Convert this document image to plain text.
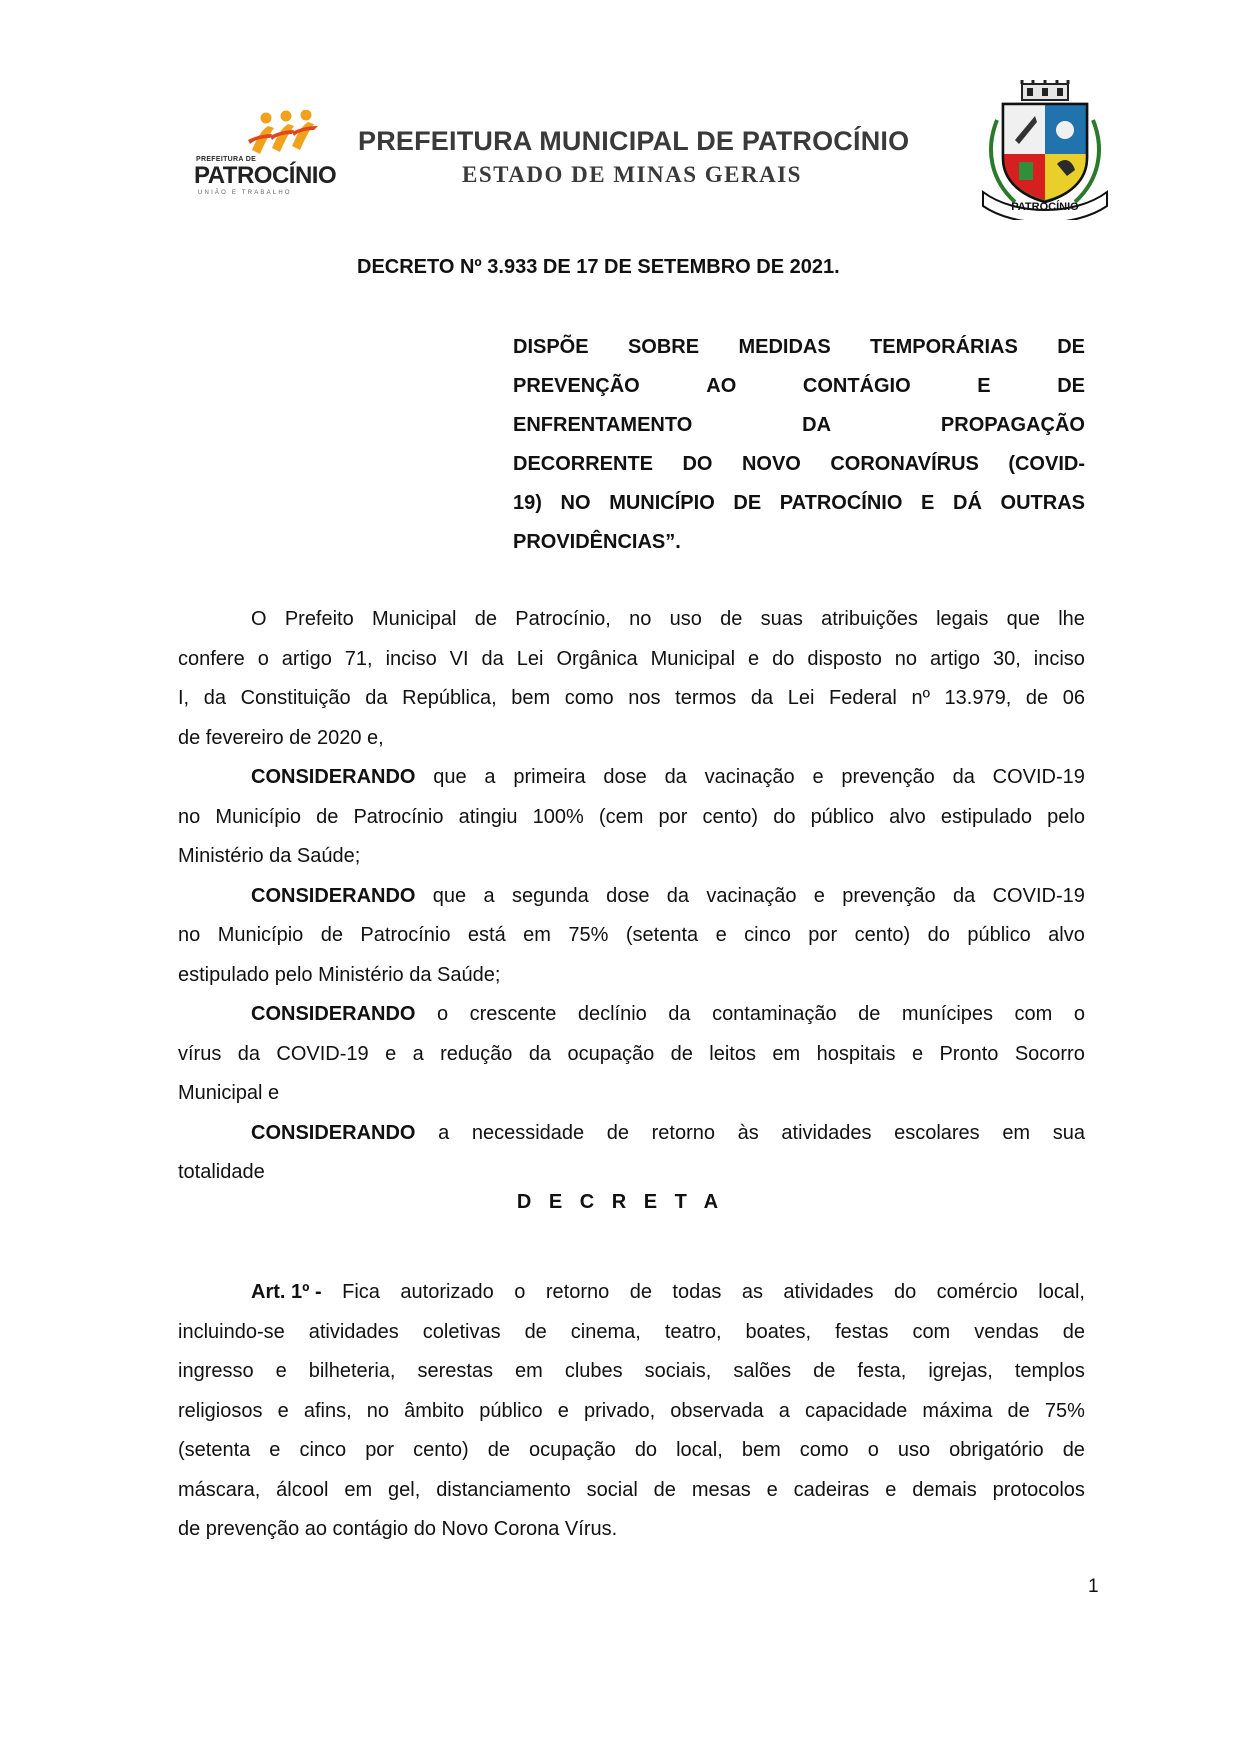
PREFEITURA DE
PATROCÍNIO
UNIÃO E TRABALHO
PREFEITURA MUNICIPAL DE PATROCÍNIO
ESTADO DE MINAS GERAIS
PATROCÍNIO
DECRETO Nº 3.933 DE 17 DE SETEMBRO DE 2021.
DISPÕE SOBRE MEDIDAS TEMPORÁRIAS DE
PREVENÇÃO	AO	CONTÁGIO	E	DE
ENFRENTAMENTO	DA	PROPAGAÇÃO
DECORRENTE DO NOVO CORONAVÍRUS (COVID-
19) NO MUNICÍPIO DE PATROCÍNIO E DÁ OUTRAS
PROVIDÊNCIAS”.
O Prefeito Municipal de Patrocínio, no uso de suas atribuições legais que lhe
confere o artigo 71, inciso VI da Lei Orgânica Municipal e do disposto no artigo 30, inciso
I, da Constituição da República, bem como nos termos da Lei Federal nº 13.979, de 06
de fevereiro de 2020 e,
CONSIDERANDO que a primeira dose da vacinação e prevenção da COVID-19
no Município de Patrocínio atingiu 100% (cem por cento) do público alvo estipulado pelo
Ministério da Saúde;
CONSIDERANDO que a segunda dose da vacinação e prevenção da COVID-19
no Município de Patrocínio está em 75% (setenta e cinco por cento) do público alvo
estipulado pelo Ministério da Saúde;
CONSIDERANDO o crescente declínio da contaminação de munícipes com o
vírus da COVID-19 e a redução da ocupação de leitos em hospitais e Pronto Socorro
Municipal e
CONSIDERANDO a necessidade de retorno às atividades escolares em sua
totalidade
D E C R E T A
Art. 1º - Fica autorizado o retorno de todas as atividades do comércio local,
incluindo-se atividades coletivas de cinema, teatro, boates, festas com vendas de
ingresso e bilheteria, serestas em clubes sociais, salões de festa, igrejas, templos
religiosos e afins, no âmbito público e privado, observada a capacidade máxima de 75%
(setenta e cinco por cento) de ocupação do local, bem como o uso obrigatório de
máscara, álcool em gel, distanciamento social de mesas e cadeiras e demais protocolos
de prevenção ao contágio do Novo Corona Vírus.
1
